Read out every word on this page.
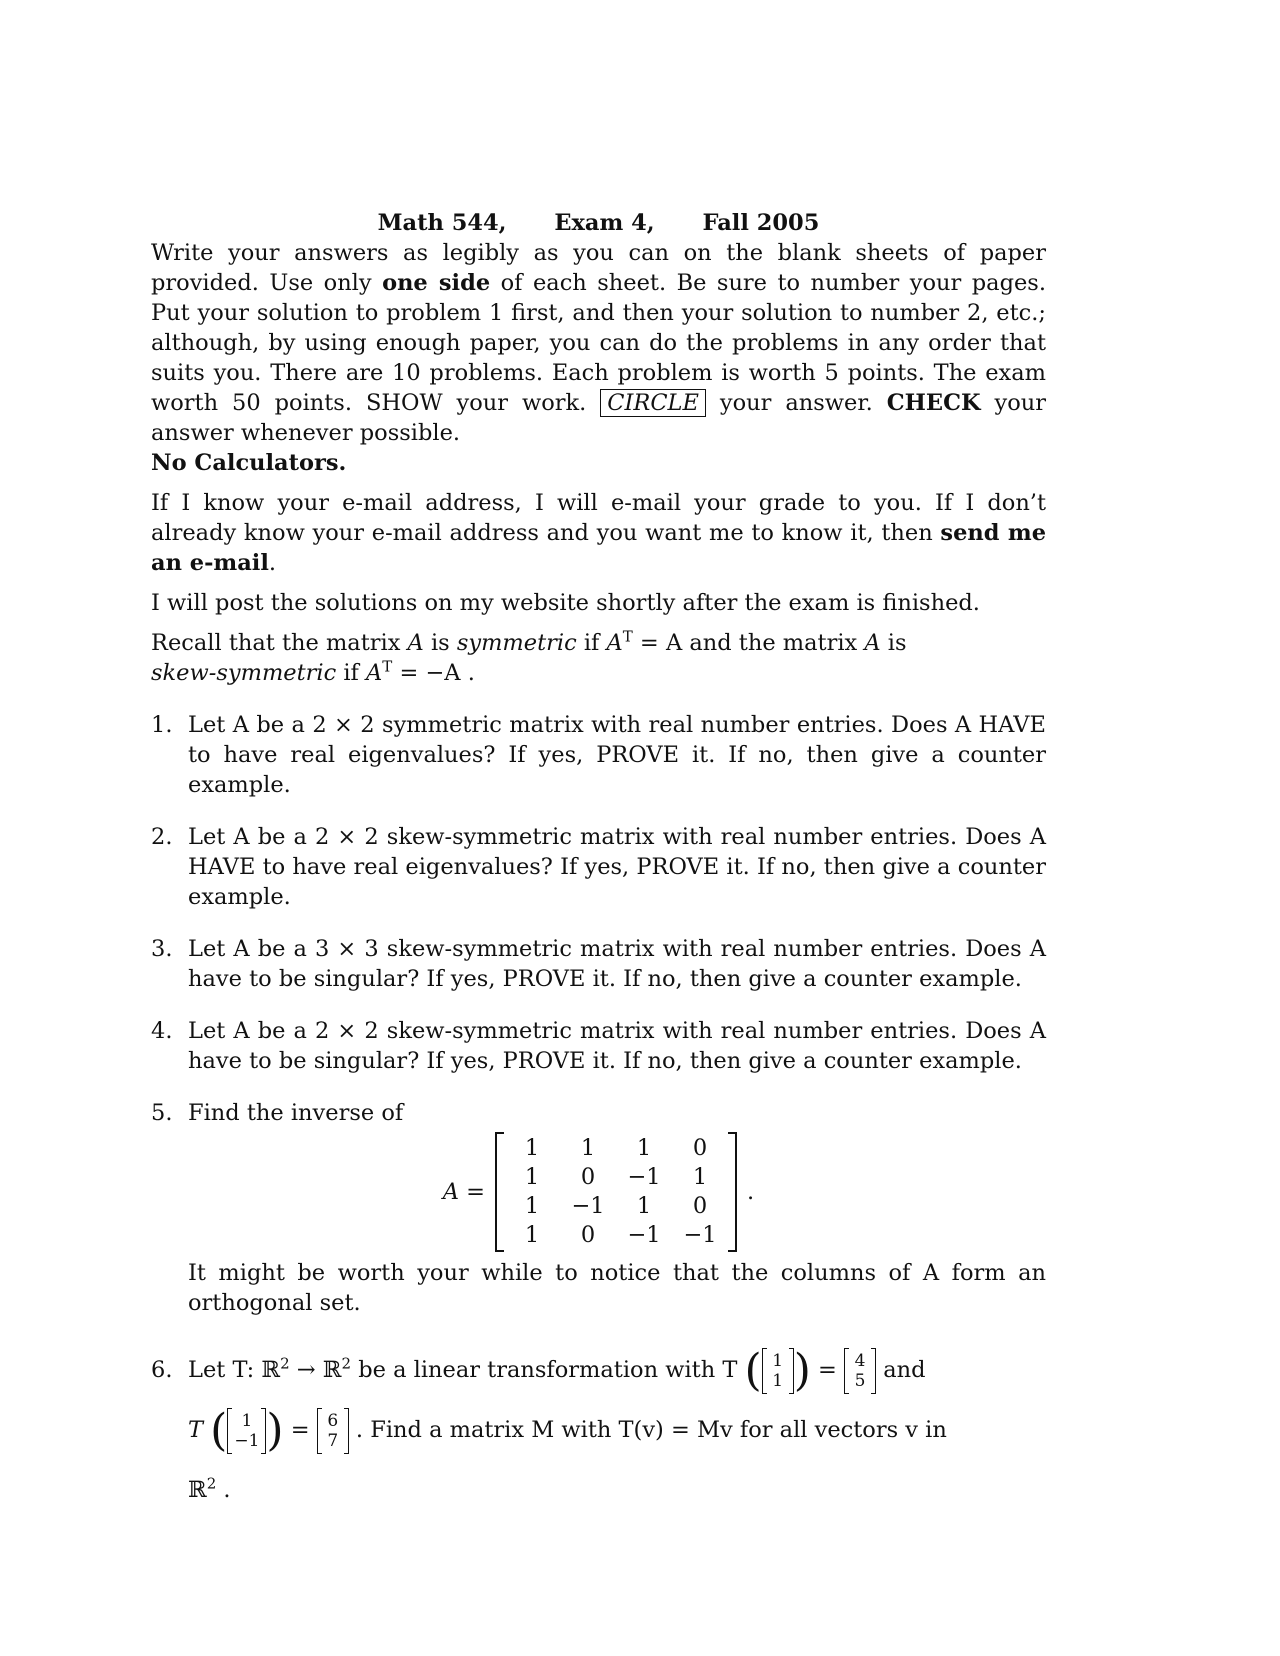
Math 544, Exam 4, Fall 2005

Write your answers as legibly as you can on the blank sheets of paper provided. Use only one side of each sheet. Be sure to number your pages. Put your solution to problem 1 first, and then your solution to number 2, etc.; although, by using enough paper, you can do the problems in any order that suits you. There are 10 problems. Each problem is worth 5 points. The exam worth 50 points. SHOW your work. CIRCLE your answer. CHECK your answer whenever possible.
No Calculators.

If I know your e-mail address, I will e-mail your grade to you. If I don’t already know your e-mail address and you want me to know it, then send me an e-mail.

I will post the solutions on my website shortly after the exam is finished.

Recall that the matrix A is symmetric if $A^T = A$ and the matrix A is
skew-symmetric if $A^T = -A$ .

1. Let A be a 2 × 2 symmetric matrix with real number entries. Does A HAVE to have real eigenvalues? If yes, PROVE it. If no, then give a counter example.
2. Let A be a 2 × 2 skew-symmetric matrix with real number entries. Does A HAVE to have real eigenvalues? If yes, PROVE it. If no, then give a counter example.
3. Let A be a 3 × 3 skew-symmetric matrix with real number entries. Does A have to be singular? If yes, PROVE it. If no, then give a counter example.
4. Let A be a 2 × 2 skew-symmetric matrix with real number entries. Does A have to be singular? If yes, PROVE it. If no, then give a counter example.
5. Find the inverse of
A =
1	1	1	0
1	0	−1	1
1	−1	1	0
1	0	−1	−1
.
It might be worth your while to notice that the columns of A form an orthogonal set.
6. Let T: ℝ$^2$ → ℝ$^2$ be a linear transformation with T ( 1
1 ) = 4
5 and
T ( 1
−1 ) = 6
7 . Find a matrix M with T(v) = Mv for all vectors v in
ℝ$^2$ .
